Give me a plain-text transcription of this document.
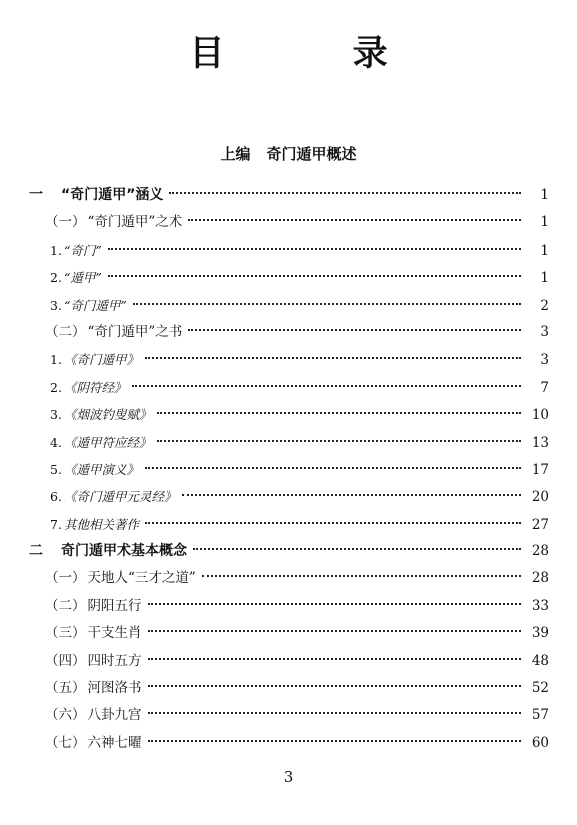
目 录
上编 奇门遁甲概述
一 “奇门遁甲”涵义	1
（一） “奇门遁甲”之术	1
1. “奇门”	1
2. “遁甲”	1
3. “奇门遁甲”	2
（二） “奇门遁甲”之书	3
1. 《奇门遁甲》	3
2. 《阴符经》	7
3. 《烟波钓叟赋》	10
4. 《遁甲符应经》	13
5. 《遁甲演义》	17
6. 《奇门遁甲元灵经》	20
7. 其他相关著作	27
二 奇门遁甲术基本概念	28
（一） 天地人“三才之道”	28
（二） 阴阳五行	33
（三） 干支生肖	39
（四） 四时五方	48
（五） 河图洛书	52
（六） 八卦九宫	57
（七） 六神七曜	60
3
